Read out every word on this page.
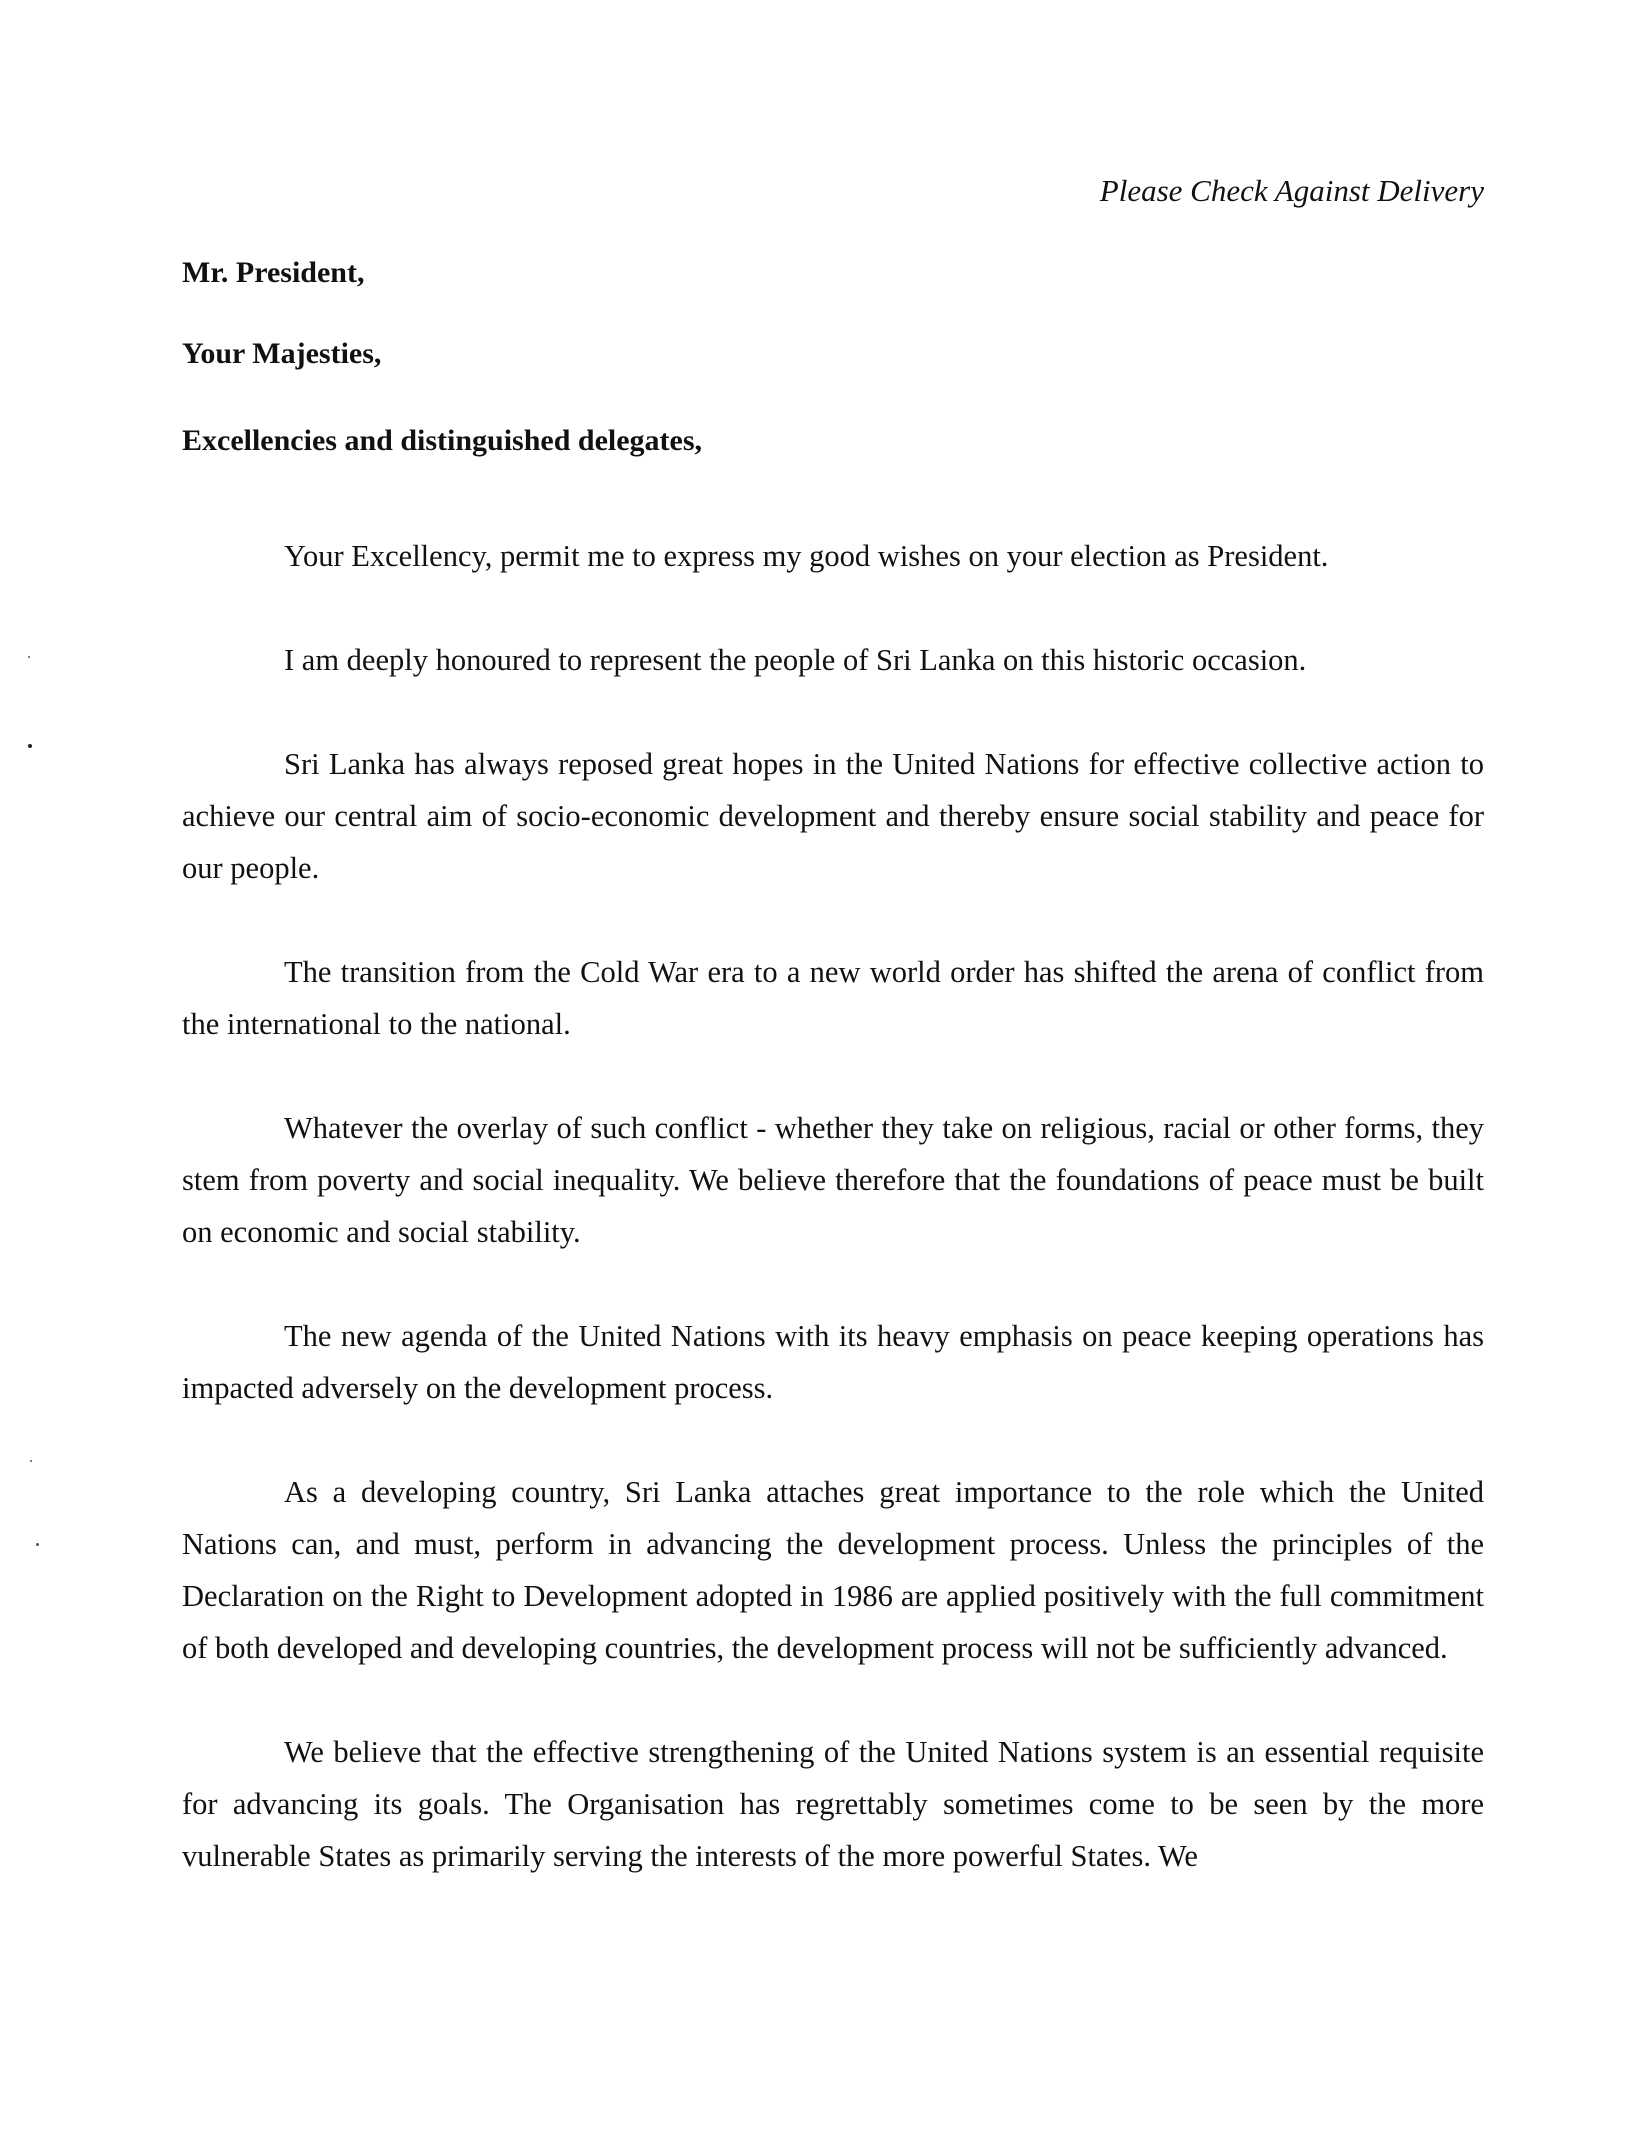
Please Check Against Delivery
Mr. President,
Your Majesties,
Excellencies and distinguished delegates,

Your Excellency, permit me to express my good wishes on your election as President.

I am deeply honoured to represent the people of Sri Lanka on this historic occasion.

Sri Lanka has always reposed great hopes in the United Nations for effective collective action to achieve our central aim of socio-economic development and thereby ensure social stability and peace for our people.

The transition from the Cold War era to a new world order has shifted the arena of conflict from the international to the national.

Whatever the overlay of such conflict - whether they take on religious, racial or other forms, they stem from poverty and social inequality. We believe therefore that the foundations of peace must be built on economic and social stability.

The new agenda of the United Nations with its heavy emphasis on peace keeping operations has impacted adversely on the development process.

As a developing country, Sri Lanka attaches great importance to the role which the United Nations can, and must, perform in advancing the development process. Unless the principles of the Declaration on the Right to Development adopted in 1986 are applied positively with the full commitment of both developed and developing countries, the development process will not be sufficiently advanced.

We believe that the effective strengthening of the United Nations system is an essential requisite for advancing its goals. The Organisation has regrettably sometimes come to be seen by the more vulnerable States as primarily serving the interests of the more powerful States. We
